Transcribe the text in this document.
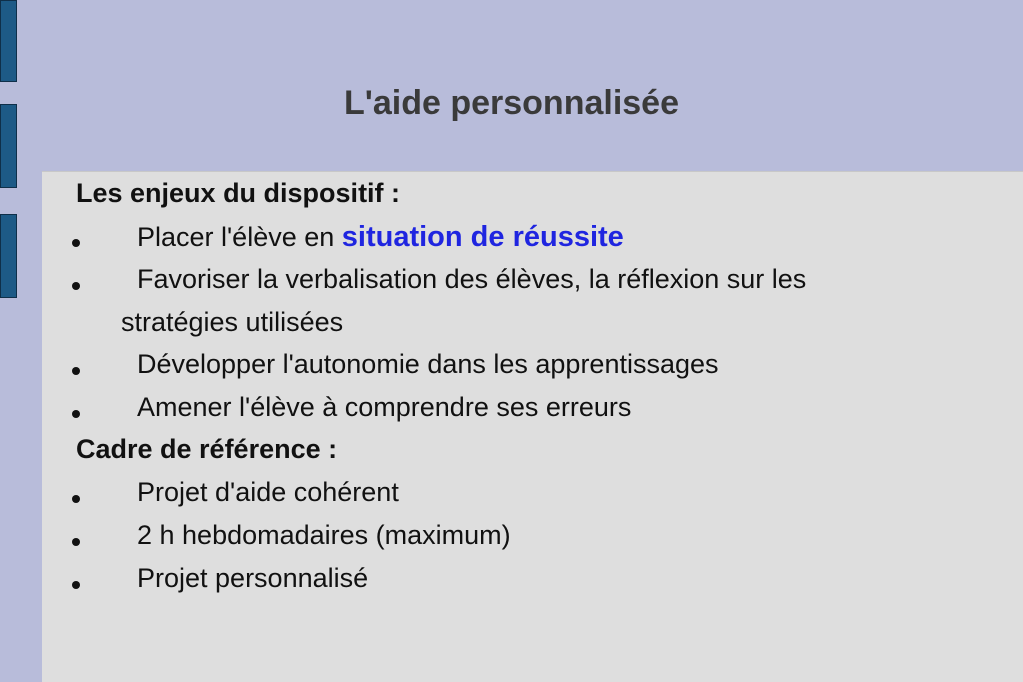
L'aide personnalisée
Les enjeux du dispositif :
Placer l'élève en situation de réussite
Favoriser la verbalisation des élèves, la réflexion sur les
stratégies utilisées
Développer l'autonomie dans les apprentissages
Amener l'élève à comprendre ses erreurs
Cadre de référence :
Projet d'aide cohérent
2 h hebdomadaires (maximum)
Projet personnalisé
